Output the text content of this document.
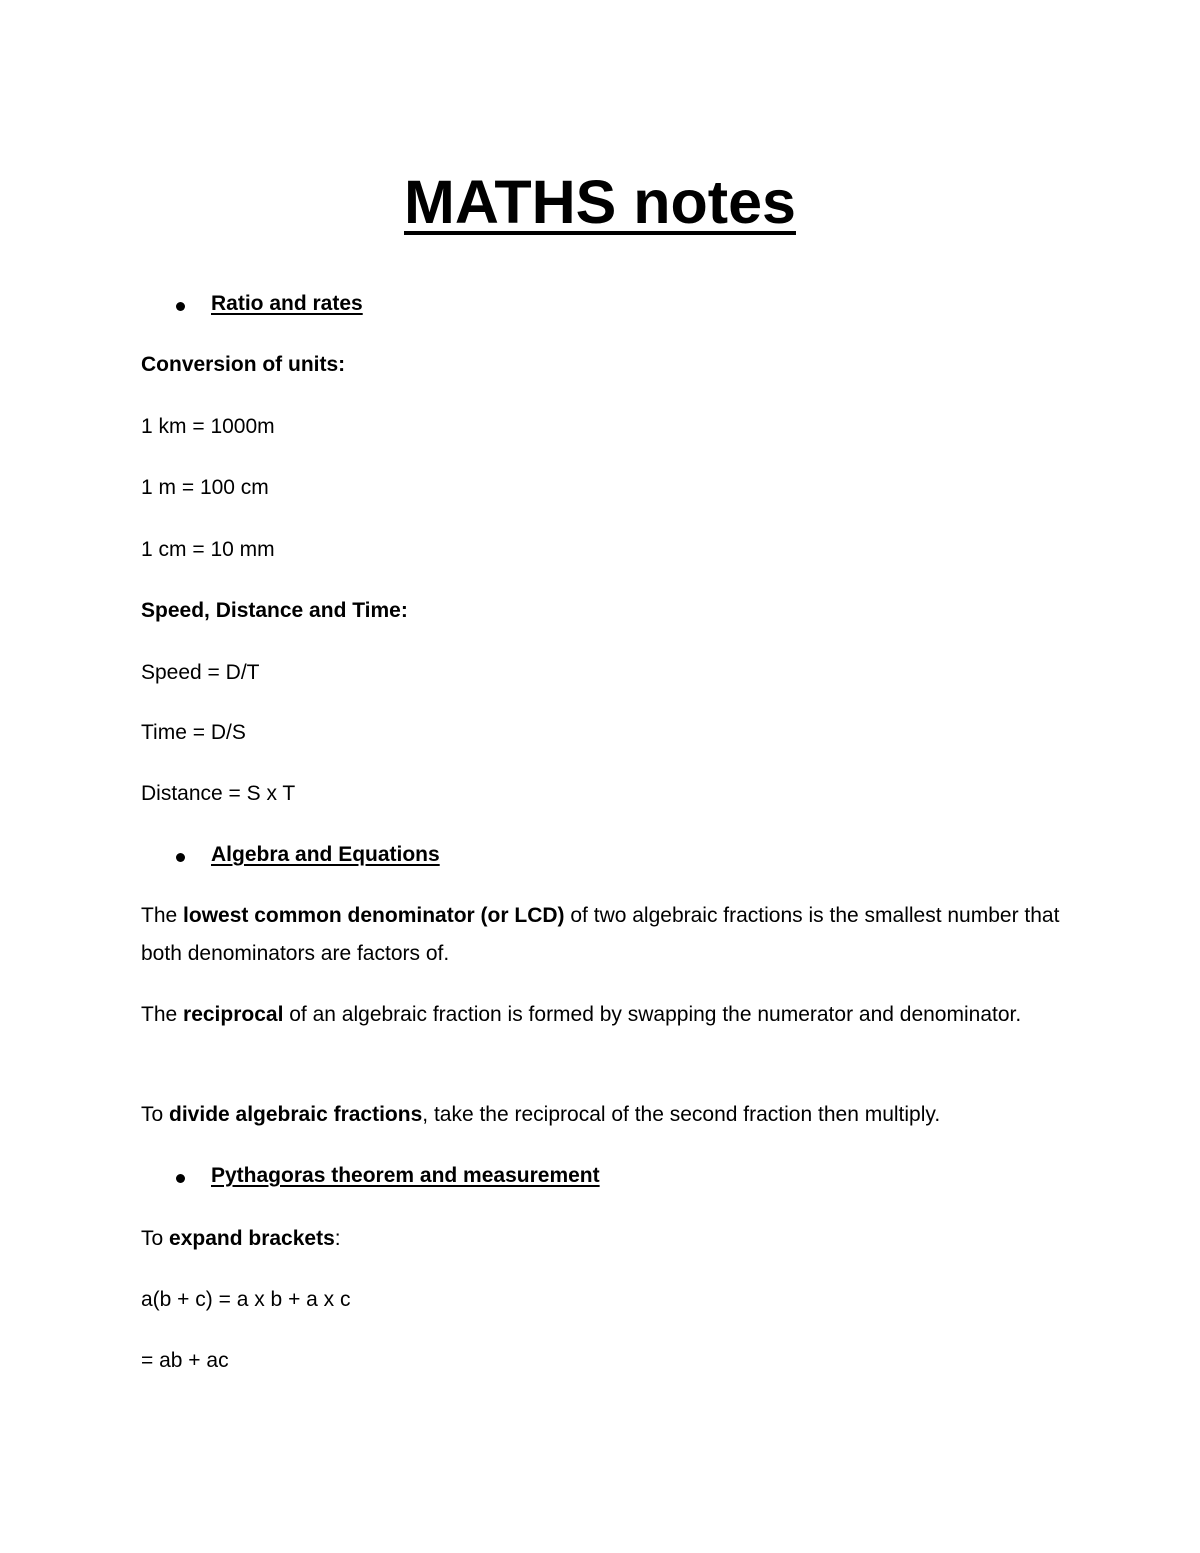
MATHS notes
Ratio and rates
Conversion of units:
1 km = 1000m
1 m = 100 cm
1 cm = 10 mm
Speed, Distance and Time:
Speed = D/T
Time = D/S
Distance = S x T
Algebra and Equations
The lowest common denominator (or LCD) of two algebraic fractions is the smallest number that both denominators are factors of.
The reciprocal of an algebraic fraction is formed by swapping the numerator and denominator.
To divide algebraic fractions, take the reciprocal of the second fraction then multiply.
Pythagoras theorem and measurement
To expand brackets:
a(b + c) = a x b + a x c
= ab + ac
